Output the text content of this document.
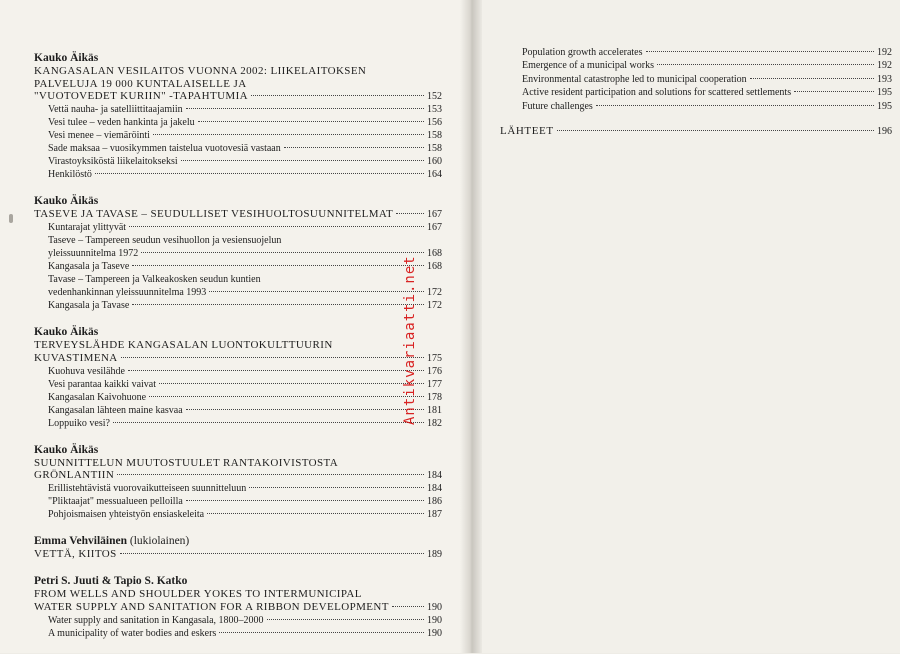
Kauko Äikäs
KANGASALAN VESILAITOS VUONNA 2002: LIIKELAITOKSEN
PALVELUJA 19 000 KUNTALAISELLE JA
"VUOTOVEDET KURIIN" -TAPAHTUMIA	152
Vettä nauha- ja satelliittitaajamiin	153
Vesi tulee – veden hankinta ja jakelu	156
Vesi menee – viemäröinti	158
Sade maksaa – vuosikymmen taistelua vuotovesiä vastaan	158
Virastoyksiköstä liikelaitokseksi	160
Henkilöstö	164
Kauko Äikäs
TASEVE JA TAVASE – SEUDULLISET VESIHUOLTOSUUNNITELMAT	167
Kuntarajat ylittyvät	167
Taseve – Tampereen seudun vesihuollon ja vesiensuojelun
yleissuunnitelma 1972	168
Kangasala ja Taseve	168
Tavase – Tampereen ja Valkeakosken seudun kuntien
vedenhankinnan yleissuunnitelma 1993	172
Kangasala ja Tavase	172
Kauko Äikäs
TERVEYSLÄHDE KANGASALAN LUONTOKULTTUURIN
KUVASTIMENA	175
Kuohuva vesilähde	176
Vesi parantaa kaikki vaivat	177
Kangasalan Kaivohuone	178
Kangasalan lähteen maine kasvaa	181
Loppuiko vesi?	182
Kauko Äikäs
SUUNNITTELUN MUUTOSTUULET RANTAKOIVISTOSTA
GRÖNLANTIIN	184
Erillistehtävistä vuorovaikutteiseen suunnitteluun	184
"Pliktaajat" messualueen pelloilla	186
Pohjoismaisen yhteistyön ensiaskeleita	187
Emma Vehviläinen (lukiolainen)
VETTÄ, KIITOS	189
Petri S. Juuti & Tapio S. Katko
FROM WELLS AND SHOULDER YOKES TO INTERMUNICIPAL
WATER SUPPLY AND SANITATION FOR A RIBBON DEVELOPMENT	190
Water supply and sanitation in Kangasala, 1800–2000	190
A municipality of water bodies and eskers	190
Population growth accelerates	192
Emergence of a municipal works	192
Environmental catastrophe led to municipal cooperation	193
Active resident participation and solutions for scattered settlements	195
Future challenges	195
LÄHTEET	196
Antikvariaatti.net
